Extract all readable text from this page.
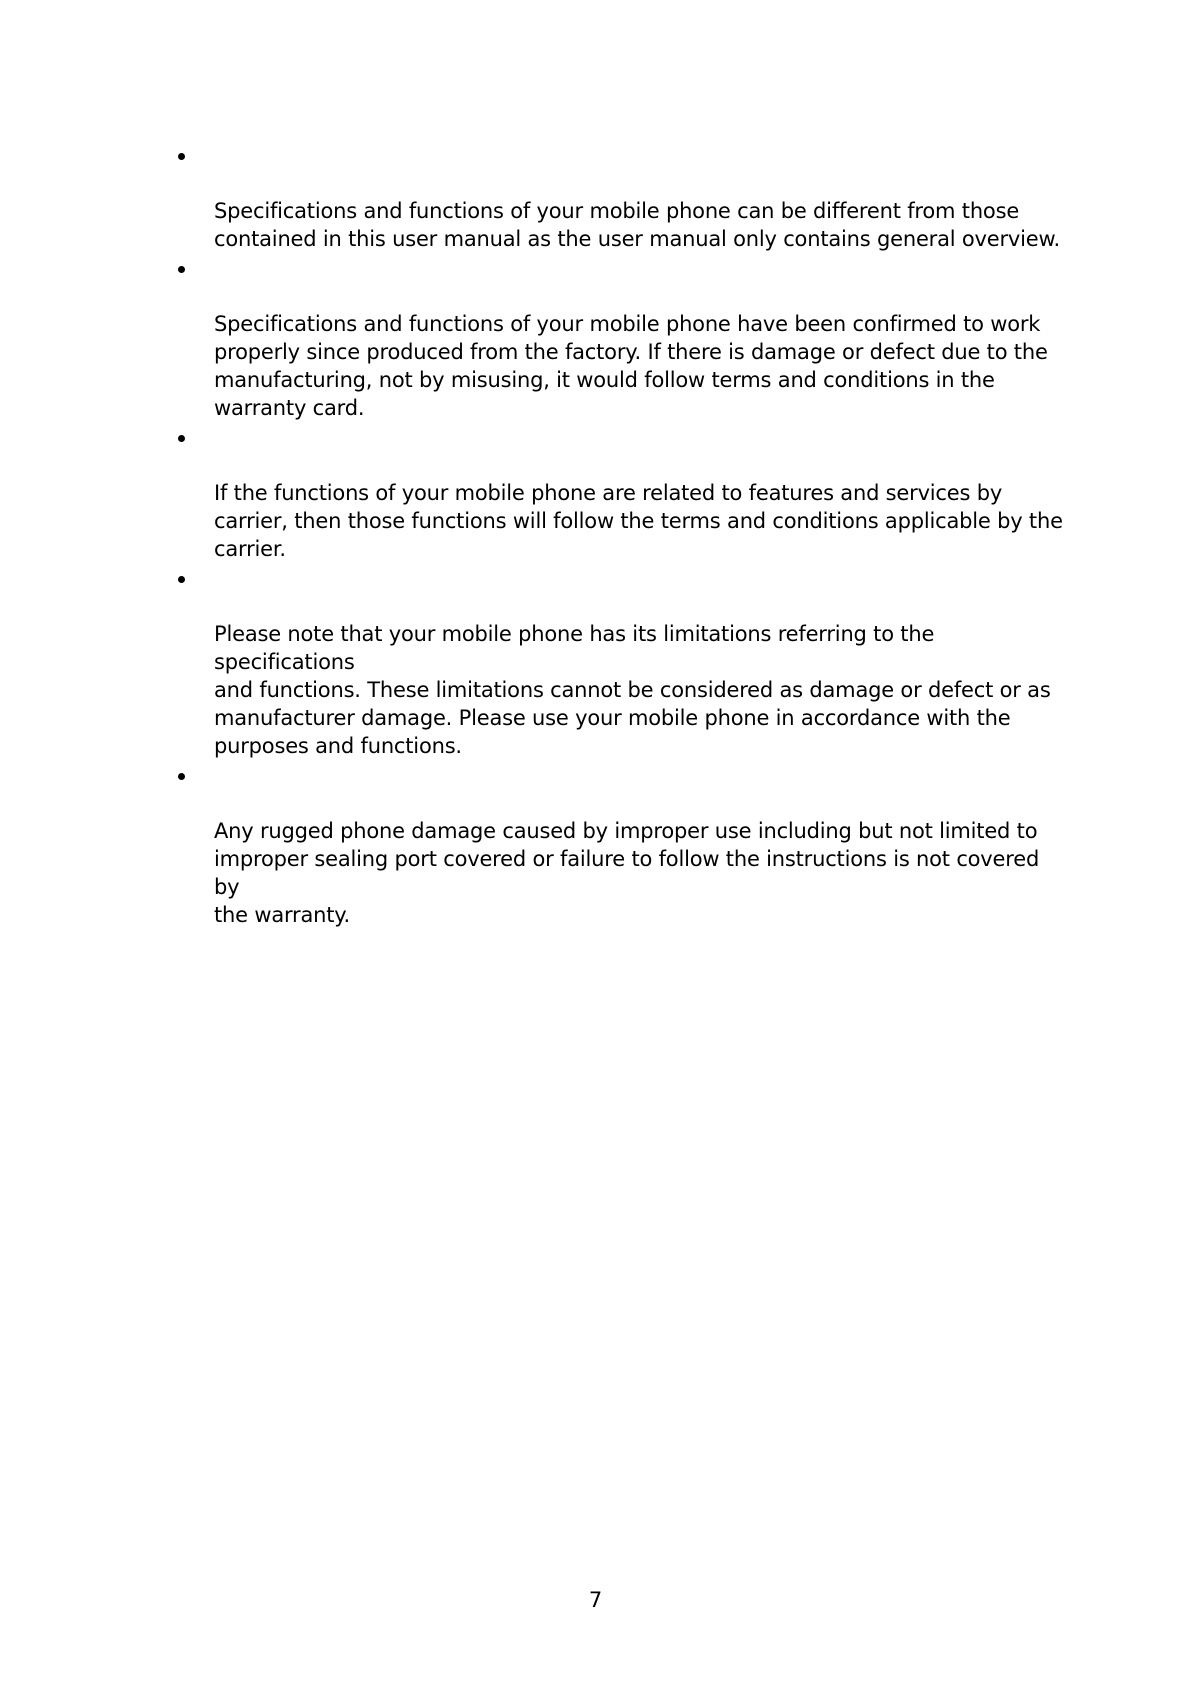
Specifications and functions of your mobile phone can be different from those
contained in this user manual as the user manual only contains general overview.

Specifications and functions of your mobile phone have been confirmed to work
properly since produced from the factory. If there is damage or defect due to the
manufacturing, not by misusing, it would follow terms and conditions in the
warranty card.

If the functions of your mobile phone are related to features and services by
carrier, then those functions will follow the terms and conditions applicable by the
carrier.

Please note that your mobile phone has its limitations referring to the specifications
and functions. These limitations cannot be considered as damage or defect or as
manufacturer damage. Please use your mobile phone in accordance with the
purposes and functions.

Any rugged phone damage caused by improper use including but not limited to
improper sealing port covered or failure to follow the instructions is not covered by
the warranty.

7
